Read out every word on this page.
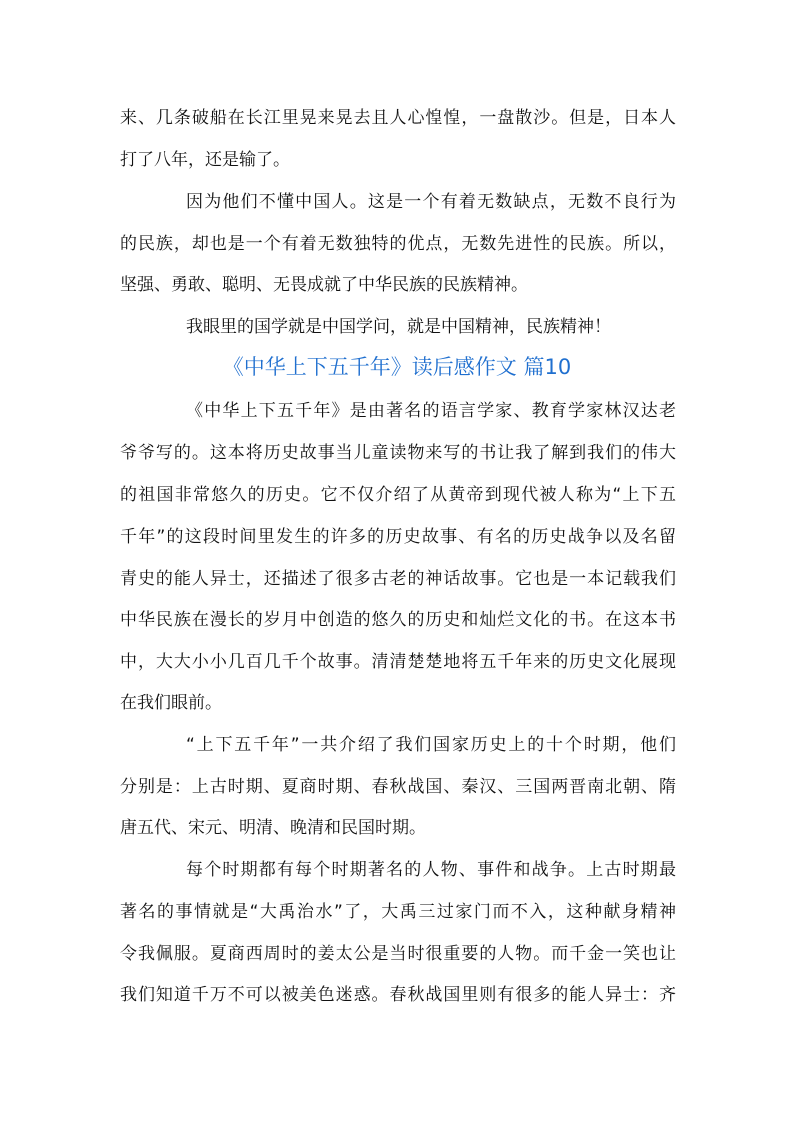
来、几条破船在长江里晃来晃去且人心惶惶，一盘散沙。但是，日本人
打了八年，还是输了。
因为他们不懂中国人。这是一个有着无数缺点，无数不良行为
的民族，却也是一个有着无数独特的优点，无数先进性的民族。所以，
坚强、勇敢、聪明、无畏成就了中华民族的民族精神。
我眼里的国学就是中国学问，就是中国精神，民族精神！
《中华上下五千年》读后感作文 篇10
《中华上下五千年》是由著名的语言学家、教育学家林汉达老
爷爷写的。这本将历史故事当儿童读物来写的书让我了解到我们的伟大
的祖国非常悠久的历史。它不仅介绍了从黄帝到现代被人称为“上下五
千年”的这段时间里发生的许多的历史故事、有名的历史战争以及名留
青史的能人异士，还描述了很多古老的神话故事。它也是一本记载我们
中华民族在漫长的岁月中创造的悠久的历史和灿烂文化的书。在这本书
中，大大小小几百几千个故事。清清楚楚地将五千年来的历史文化展现
在我们眼前。
“上下五千年”一共介绍了我们国家历史上的十个时期，他们
分别是：上古时期、夏商时期、春秋战国、秦汉、三国两晋南北朝、隋
唐五代、宋元、明清、晚清和民国时期。
每个时期都有每个时期著名的人物、事件和战争。上古时期最
著名的事情就是“大禹治水”了，大禹三过家门而不入，这种献身精神
令我佩服。夏商西周时的姜太公是当时很重要的人物。而千金一笑也让
我们知道千万不可以被美色迷惑。春秋战国里则有很多的能人异士：齐
